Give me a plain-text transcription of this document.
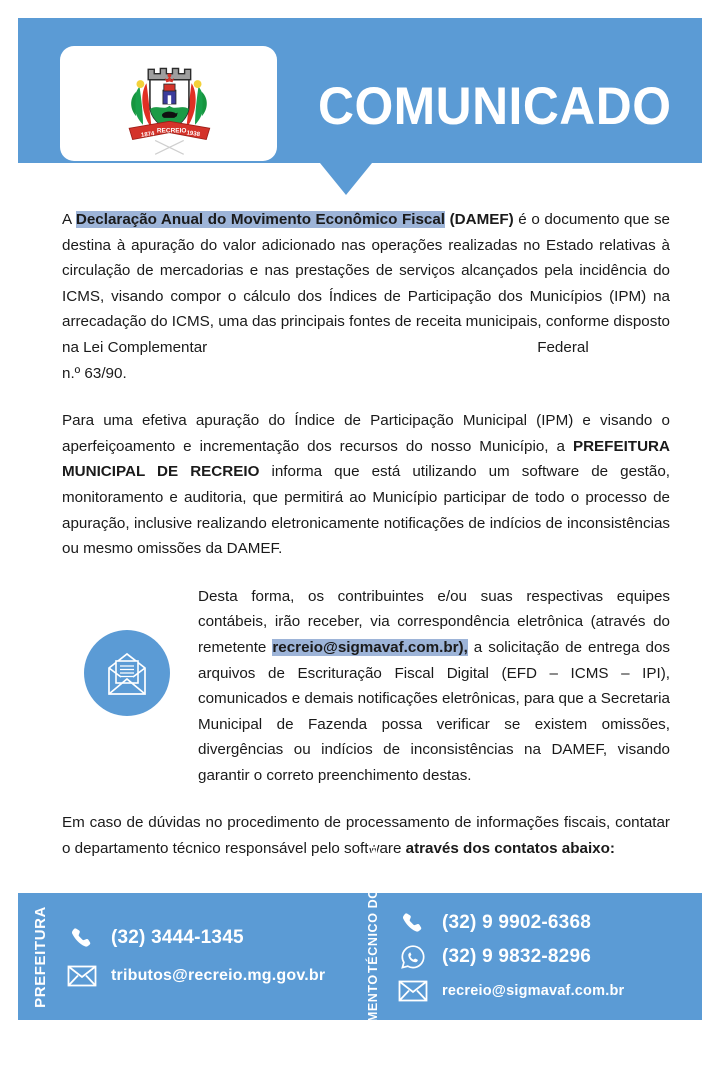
1874 RECREIO 1938 COMUNICADO

A Declaração Anual do Movimento Econômico Fiscal (DAMEF) é o documento que se destina à apuração do valor adicionado nas operações realizadas no Estado relativas à circulação de mercadorias e nas prestações de serviços alcançados pela incidência do ICMS, visando compor o cálculo dos Índices de Participação dos Municípios (IPM) na arrecadação do ICMS, uma das principais fontes de receita municipais, conforme disposto na Lei Complementar	Federal
n.º 63/90.

Para uma efetiva apuração do Índice de Participação Municipal (IPM) e visando o aperfeiçoamento e incrementação dos recursos do nosso Município, a PREFEITURA MUNICIPAL DE RECREIO informa que está utilizando um software de gestão, monitoramento e auditoria, que permitirá ao Município participar de todo o processo de apuração, inclusive realizando eletronicamente notificações de indícios de inconsistências ou mesmo omissões da DAMEF.

Desta forma, os contribuintes e/ou suas respectivas equipes contábeis, irão receber, via correspondência eletrônica (através do remetente recreio@sigmavaf.com.br), a solicitação de entrega dos arquivos de Escrituração Fiscal Digital (EFD – ICMS – IPI), comunicados e demais notificações eletrônicas, para que a Secretaria Municipal de Fazenda possa verificar se existem omissões, divergências ou indícios de inconsistências na DAMEF, visando garantir o correto preenchimento destas.

Em caso de dúvidas no procedimento de processamento de informações fiscais, contatar o departamento técnico responsável pelo software através dos contatos abaixo:

PREFEITURA	(32) 3444-1345
tributos@recreio.mg.gov.br	DEPARTAMENTO
TÉCNICO DO
SISTEMA
(32) 9 9902-6368
(32) 9 9832-8296
recreio@sigmavaf.com.br
